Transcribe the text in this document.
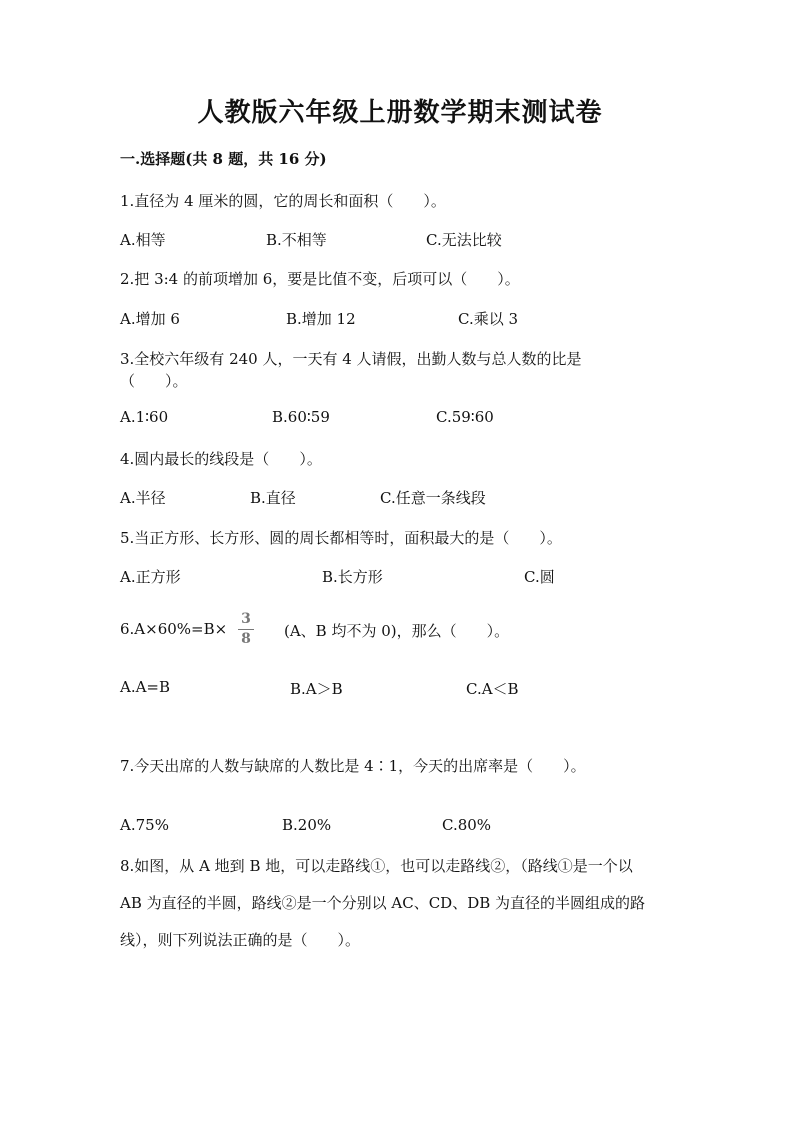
人教版六年级上册数学期末测试卷
一.选择题(共 8 题，共 16 分)
1.直径为 4 厘米的圆，它的周长和面积（　　）。
A.相等	B.不相等	C.无法比较
2.把 3:4 的前项增加 6，要是比值不变，后项可以（　　）。
A.增加 6	B.增加 12	C.乘以 3
3.全校六年级有 240 人，一天有 4 人请假，出勤人数与总人数的比是
（　　）。
A.1∶60	B.60∶59	C.59∶60
4.圆内最长的线段是（　　）。
A.半径	B.直径	C.任意一条线段
5.当正方形、长方形、圆的周长都相等时，面积最大的是（　　）。
A.正方形	B.长方形	C.圆
6.A×60%=B×
3
8	(A、B 均不为 0)，那么（　　）。
A.A=B	B.A＞B	C.A＜B
7.今天出席的人数与缺席的人数比是 4∶1，今天的出席率是（　　）。
A.75%	B.20%	C.80%
8.如图，从 A 地到 B 地，可以走路线①，也可以走路线②，（路线①是一个以
AB 为直径的半圆，路线②是一个分别以 AC、CD、DB 为直径的半圆组成的路
线），则下列说法正确的是（　　）。
